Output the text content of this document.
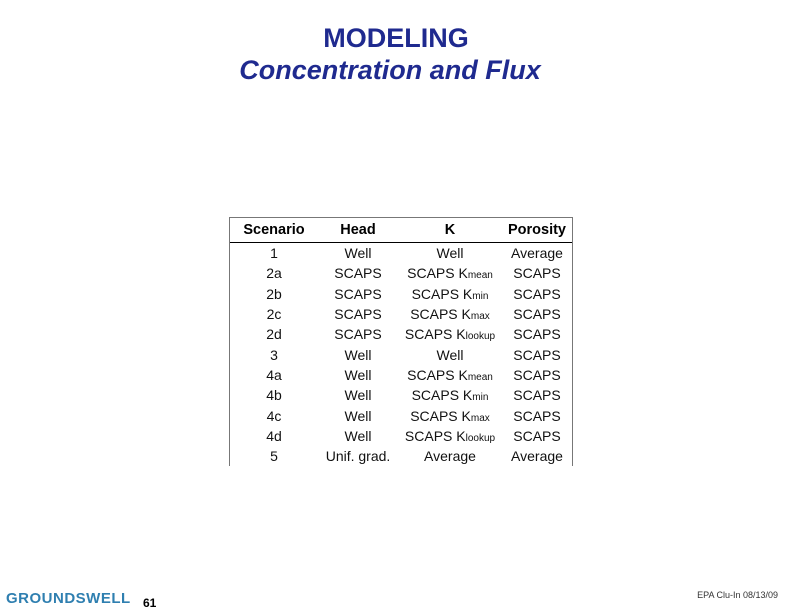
MODELING
Concentration and Flux
Scenario	Head	K	Porosity
1	Well	Well	Average
2a	SCAPS	SCAPS Kmean	SCAPS
2b	SCAPS	SCAPS Kmin	SCAPS
2c	SCAPS	SCAPS Kmax	SCAPS
2d	SCAPS	SCAPS Klookup	SCAPS
3	Well	Well	SCAPS
4a	Well	SCAPS Kmean	SCAPS
4b	Well	SCAPS Kmin	SCAPS
4c	Well	SCAPS Kmax	SCAPS
4d	Well	SCAPS Klookup	SCAPS
5	Unif. grad.	Average	Average
GROUNDSWELL 61
EPA Clu-In 08/13/09
